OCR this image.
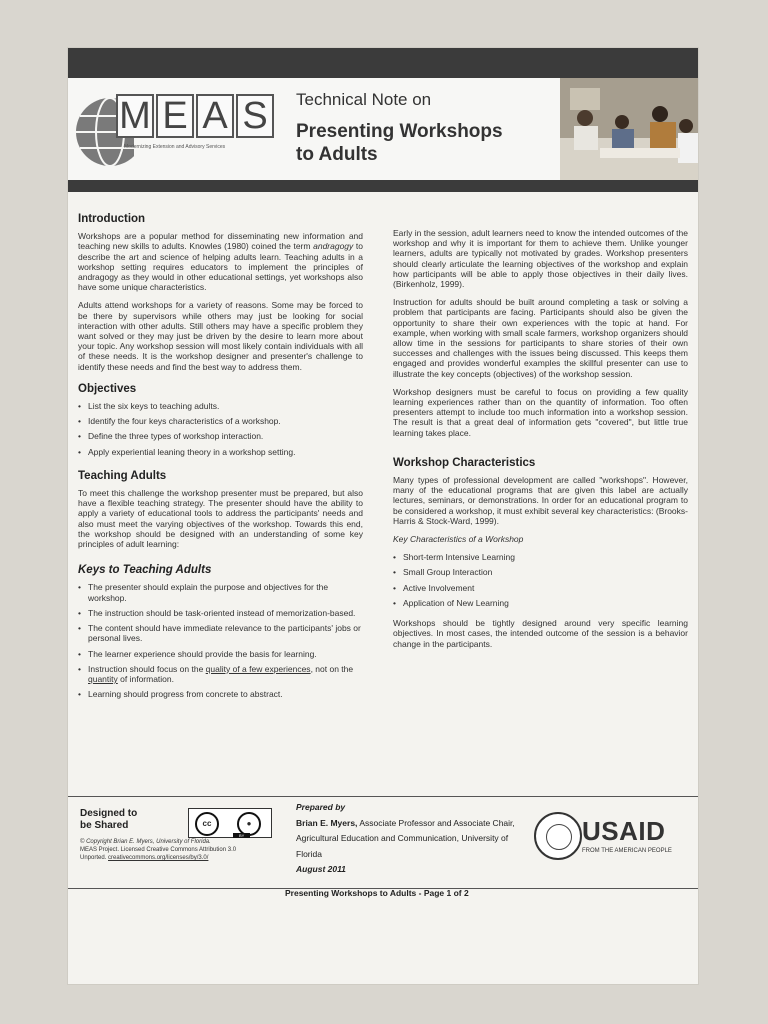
M E A S
Modernizing Extension and Advisory Services
Technical Note on
Presenting Workshops
to Adults
Introduction

Workshops are a popular method for disseminating new information and teaching new skills to adults. Knowles (1980) coined the term andragogy to describe the art and science of helping adults learn. Teaching adults in a workshop setting requires educators to implement the principles of andragogy as they would in other educational settings, yet workshops also have some unique characteristics.

Adults attend workshops for a variety of reasons. Some may be forced to be there by supervisors while others may just be looking for social interaction with other adults. Still others may have a specific problem they want solved or they may just be driven by the desire to learn more about your topic. Any workshop session will most likely contain individuals with all of these needs. It is the workshop designer and presenter's challenge to identify these needs and find the best way to address them.

Objectives
• List the six keys to teaching adults.
• Identify the four keys characteristics of a workshop.
• Define the three types of workshop interaction.
• Apply experiential leaning theory in a workshop setting.
Teaching Adults

To meet this challenge the workshop presenter must be prepared, but also have a flexible teaching strategy. The presenter should have the ability to apply a variety of educational tools to address the participants' needs and also must meet the varying objectives of the workshop. Towards this end, the workshop should be designed with an understanding of some key principles of adult learning:

Keys to Teaching Adults
• The presenter should explain the purpose and objectives for the workshop.
• The instruction should be task-oriented instead of memorization-based.
• The content should have immediate relevance to the participants' jobs or personal lives.
• The learner experience should provide the basis for learning.
• Instruction should focus on the quality of a few experiences, not on the quantity of information.
• Learning should progress from concrete to abstract.

Early in the session, adult learners need to know the intended outcomes of the workshop and why it is important for them to achieve them. Unlike younger learners, adults are typically not motivated by grades. Workshop presenters should clearly articulate the learning objectives of the workshop and explain how participants will be able to apply those objectives in their daily lives. (Birkenholz, 1999).

Instruction for adults should be built around completing a task or solving a problem that participants are facing. Participants should also be given the opportunity to share their own experiences with the topic at hand. For example, when working with small scale farmers, workshop organizers should allow time in the sessions for participants to share stories of their own successes and challenges with the issues being discussed. This keeps them engaged and provides wonderful examples the skillful presenter can use to illustrate the key concepts (objectives) of the workshop session.

Workshop designers must be careful to focus on providing a few quality learning experiences rather than on the quantity of information. Too often presenters attempt to include too much information into a workshop session. The result is that a great deal of information gets "covered", but little true learning takes place.

Workshop Characteristics

Many types of professional development are called "workshops". However, many of the educational programs that are given this label are actually lectures, seminars, or demonstrations. In order for an educational program to be considered a workshop, it must exhibit several key characteristics: (Brooks-Harris & Stock-Ward, 1999).

Key Characteristics of a Workshop
• Short-term Intensive Learning
• Small Group Interaction
• Active Involvement
• Application of New Learning

Workshops should be tightly designed around very specific learning objectives. In most cases, the intended outcome of the session is a behavior change in the participants.

Designed to
be Shared	cc	●
BY
© Copyright Brian E. Myers, University of Florida.
MEAS Project. Licensed Creative Commons Attribution 3.0
Unported. creativecommons.org/licenses/by/3.0/
Prepared by
Brian E. Myers, Associate Professor and Associate Chair, Agricultural Education and Communication, University of Florida
August 2011
USAID
FROM THE AMERICAN PEOPLE
Presenting Workshops to Adults - Page 1 of 2
